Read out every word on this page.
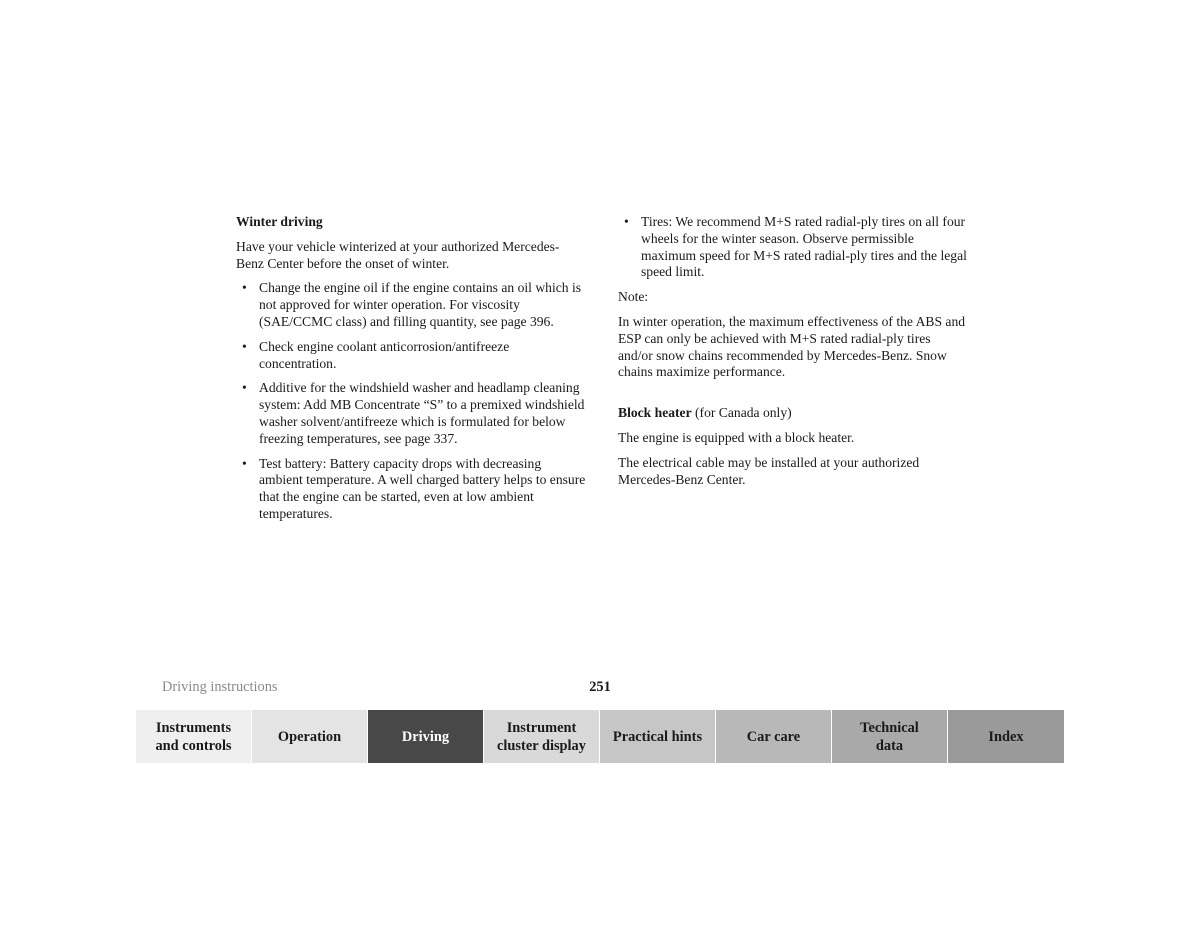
Winter driving

Have your vehicle winterized at your authorized Mercedes-Benz Center before the onset of winter.

• Change the engine oil if the engine contains an oil which is not approved for winter operation. For viscosity (SAE/CCMC class) and filling quantity, see page 396.
• Check engine coolant anticorrosion/antifreeze concentration.
• Additive for the windshield washer and headlamp cleaning system: Add MB Concentrate “S” to a premixed windshield washer solvent/antifreeze which is formulated for below freezing temperatures, see page 337.
• Test battery: Battery capacity drops with decreasing ambient temperature. A well charged battery helps to ensure that the engine can be started, even at low ambient temperatures.
• Tires: We recommend M+S rated radial-ply tires on all four wheels for the winter season. Observe permissible maximum speed for M+S rated radial-ply tires and the legal speed limit.

Note:

In winter operation, the maximum effectiveness of the ABS and ESP can only be achieved with M+S rated radial-ply tires and/or snow chains recommended by Mercedes-Benz. Snow chains maximize performance.

Block heater (for Canada only)

The engine is equipped with a block heater.

The electrical cable may be installed at your authorized Mercedes-Benz Center.

Driving instructions	251
Instruments
and controls
Operation	Driving
Instrument
cluster display
Practical hints	Car care
Technical
data
Index
